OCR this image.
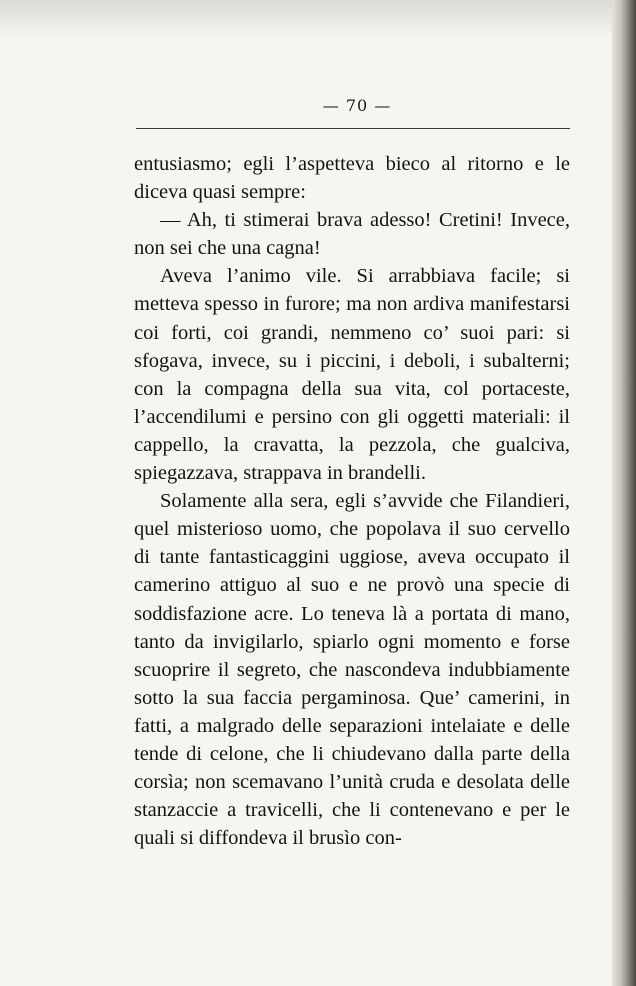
— 70 —

entusiasmo; egli l’aspetteva bieco al ritorno e le diceva quasi sempre:

— Ah, ti stimerai brava adesso! Cretini! Invece, non sei che una cagna!

Aveva l’animo vile. Si arrabbiava facile; si metteva spesso in furore; ma non ardiva manifestarsi coi forti, coi grandi, nemmeno co’ suoi pari: si sfogava, invece, su i piccini, i deboli, i subalterni; con la compagna della sua vita, col portaceste, l’accendilumi e persino con gli oggetti materiali: il cappello, la cravatta, la pezzola, che gualciva, spiegazzava, strappava in brandelli.

Solamente alla sera, egli s’avvide che Filandieri, quel misterioso uomo, che popolava il suo cervello di tante fantasticaggini uggiose, aveva occupato il camerino attiguo al suo e ne provò una specie di soddisfazione acre. Lo teneva là a portata di mano, tanto da invigilarlo, spiarlo ogni momento e forse scuoprire il segreto, che nascondeva indubbiamente sotto la sua faccia pergaminosa. Que’ camerini, in fatti, a malgrado delle separazioni intelaiate e delle tende di celone, che li chiudevano dalla parte della corsìa; non scemavano l’unità cruda e desolata delle stanzaccie a travicelli, che li contenevano e per le quali si diffondeva il brusìo con-
